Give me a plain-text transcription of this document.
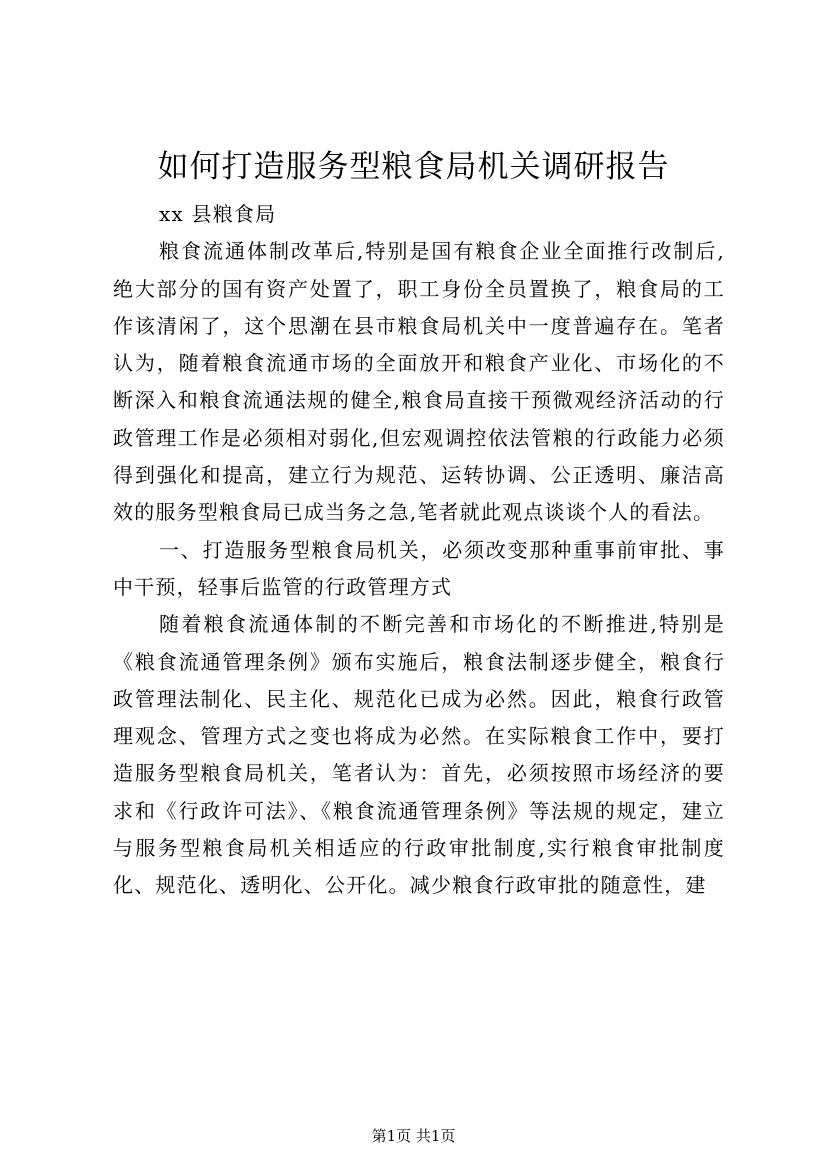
如何打造服务型粮食局机关调研报告

xx 县粮食局

粮食流通体制改革后,特别是国有粮食企业全面推行改制后,绝大部分的国有资产处置了，职工身份全员置换了，粮食局的工作该清闲了，这个思潮在县市粮食局机关中一度普遍存在。笔者认为，随着粮食流通市场的全面放开和粮食产业化、市场化的不断深入和粮食流通法规的健全,粮食局直接干预微观经济活动的行政管理工作是必须相对弱化,但宏观调控依法管粮的行政能力必须得到强化和提高，建立行为规范、运转协调、公正透明、廉洁高效的服务型粮食局已成当务之急,笔者就此观点谈谈个人的看法。

一、打造服务型粮食局机关，必须改变那种重事前审批、事中干预，轻事后监管的行政管理方式

随着粮食流通体制的不断完善和市场化的不断推进,特别是《粮食流通管理条例》颁布实施后，粮食法制逐步健全，粮食行政管理法制化、民主化、规范化已成为必然。因此，粮食行政管理观念、管理方式之变也将成为必然。在实际粮食工作中，要打造服务型粮食局机关，笔者认为：首先，必须按照市场经济的要求和《行政许可法》、《粮食流通管理条例》等法规的规定，建立与服务型粮食局机关相适应的行政审批制度,实行粮食审批制度化、规范化、透明化、公开化。减少粮食行政审批的随意性，建

第1页 共1页
